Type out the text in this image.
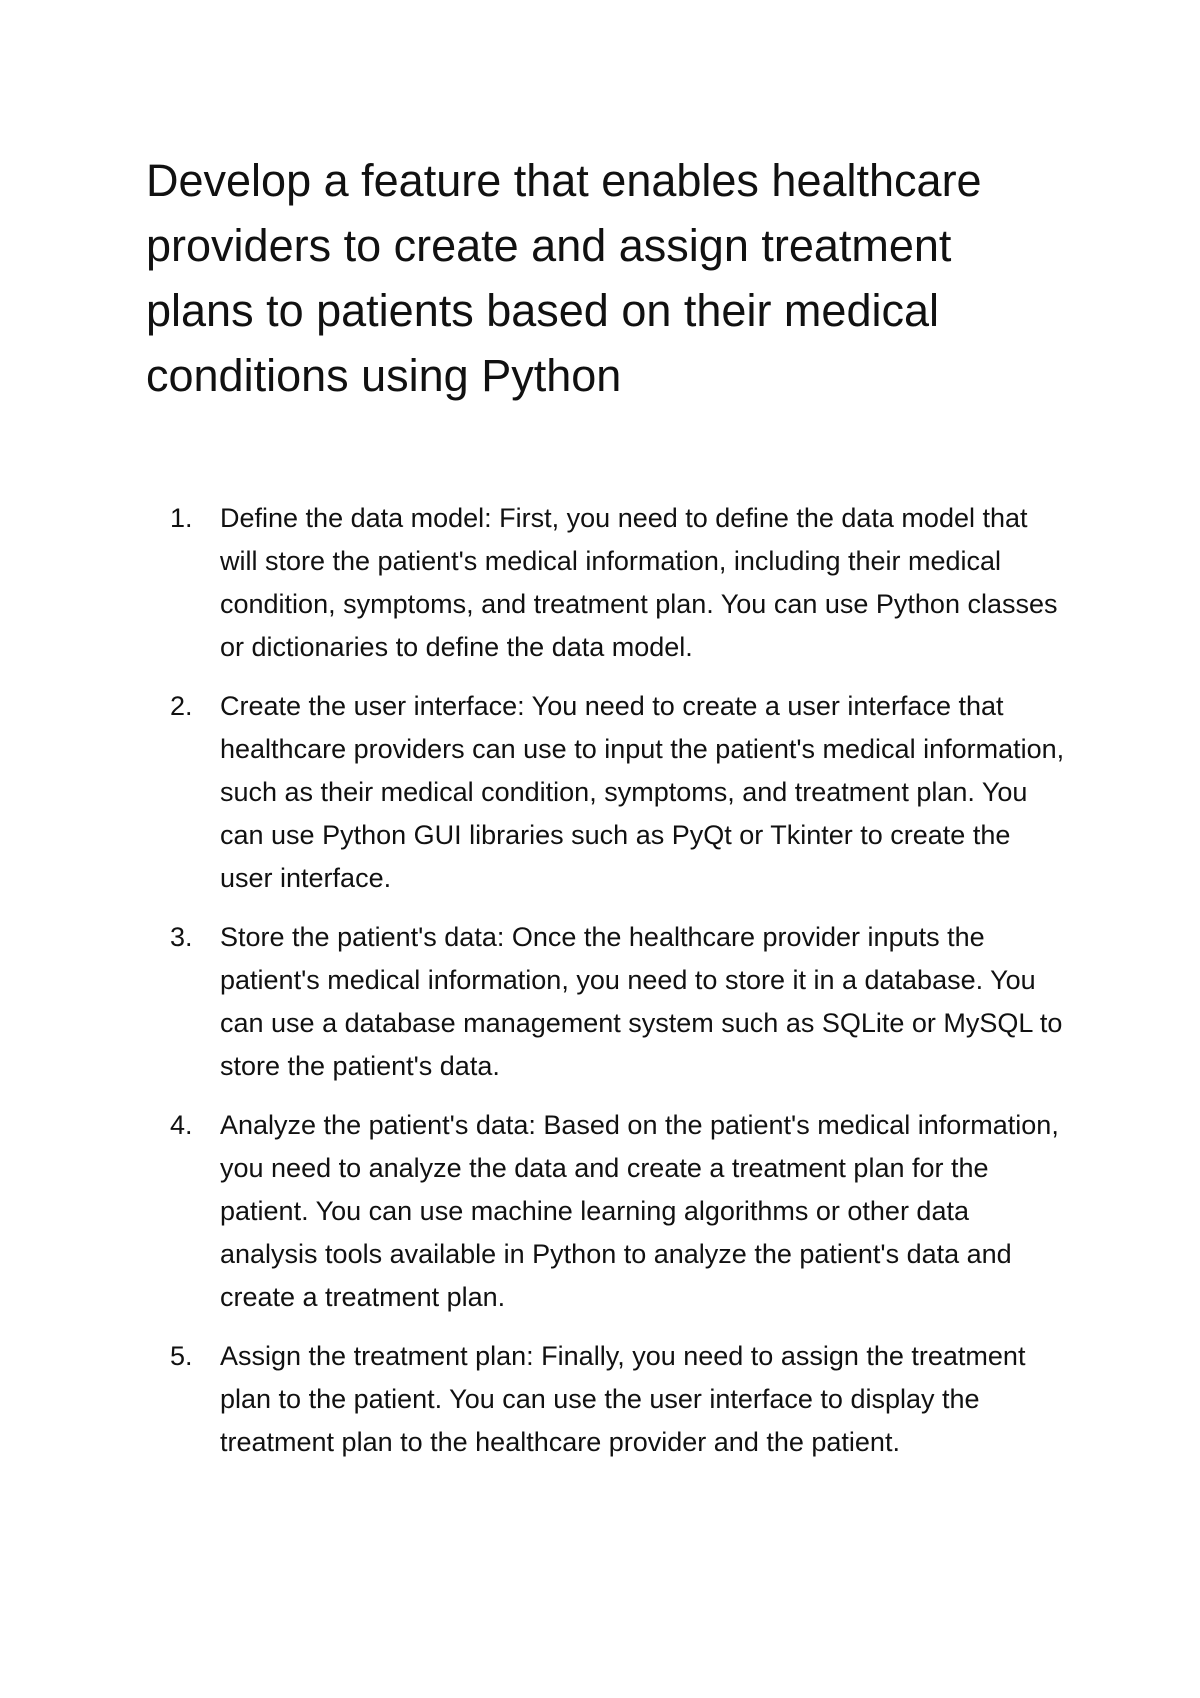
Develop a feature that enables healthcare providers to create and assign treatment plans to patients based on their medical conditions using Python
1.	Define the data model: First, you need to define the data model that will store the patient's medical information, including their medical condition, symptoms, and treatment plan. You can use Python classes or dictionaries to define the data model.
2.	Create the user interface: You need to create a user interface that healthcare providers can use to input the patient's medical information, such as their medical condition, symptoms, and treatment plan. You can use Python GUI libraries such as PyQt or Tkinter to create the user interface.
3.	Store the patient's data: Once the healthcare provider inputs the patient's medical information, you need to store it in a database. You can use a database management system such as SQLite or MySQL to store the patient's data.
4.	Analyze the patient's data: Based on the patient's medical information, you need to analyze the data and create a treatment plan for the patient. You can use machine learning algorithms or other data analysis tools available in Python to analyze the patient's data and create a treatment plan.
5.	Assign the treatment plan: Finally, you need to assign the treatment plan to the patient. You can use the user interface to display the treatment plan to the healthcare provider and the patient.
